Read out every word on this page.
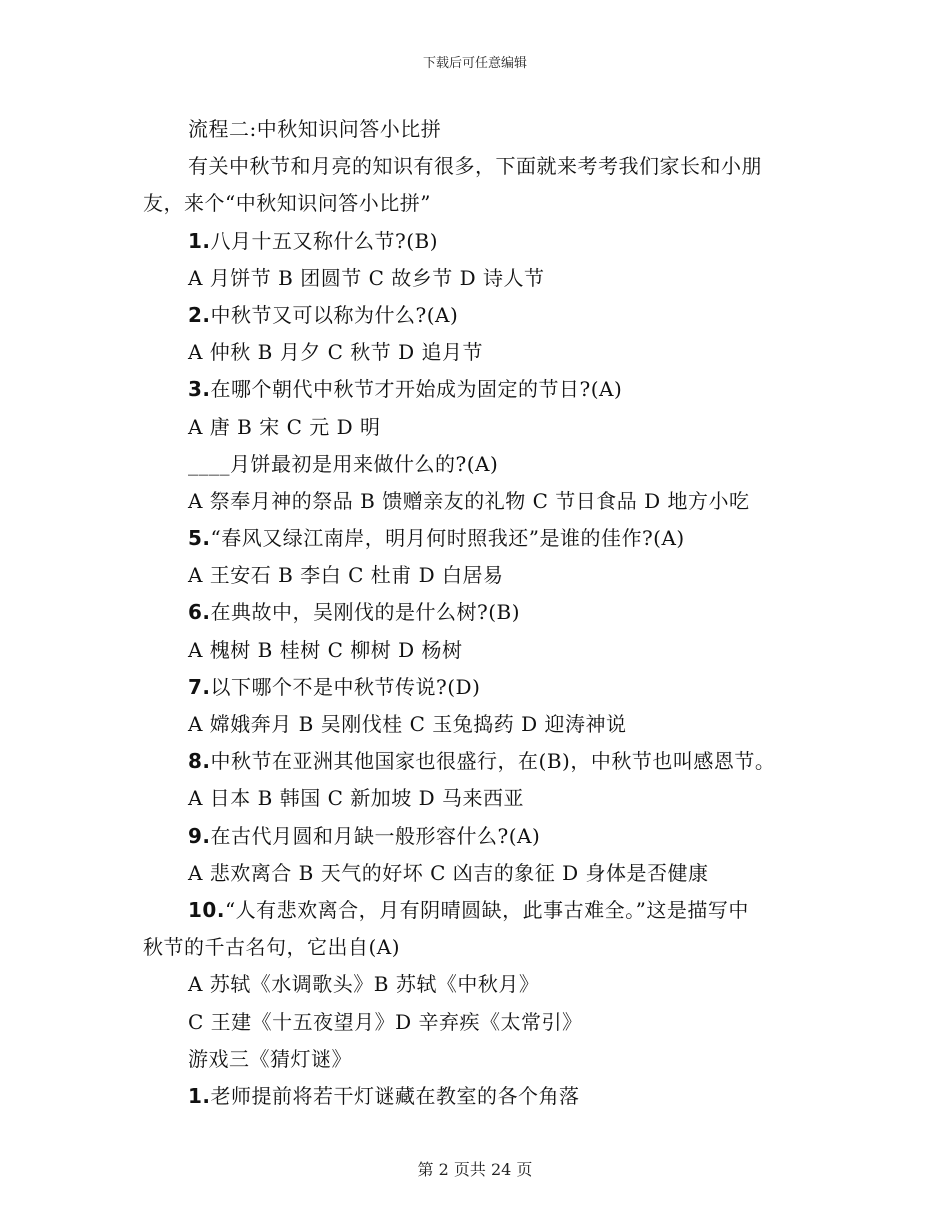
下载后可任意编辑
流程二:中秋知识问答小比拼
有关中秋节和月亮的知识有很多，下面就来考考我们家长和小朋
友，来个“中秋知识问答小比拼”
1.八月十五又称什么节?(B)
A 月饼节 B 团圆节 C 故乡节 D 诗人节
2.中秋节又可以称为什么?(A)
A 仲秋 B 月夕 C 秋节 D 追月节
3.在哪个朝代中秋节才开始成为固定的节日?(A)
A 唐 B 宋 C 元 D 明
____月饼最初是用来做什么的?(A)
A 祭奉月神的祭品 B 馈赠亲友的礼物 C 节日食品 D 地方小吃
5.“春风又绿江南岸，明月何时照我还”是谁的佳作?(A)
A 王安石 B 李白 C 杜甫 D 白居易
6.在典故中，吴刚伐的是什么树?(B)
A 槐树 B 桂树 C 柳树 D 杨树
7.以下哪个不是中秋节传说?(D)
A 嫦娥奔月 B 吴刚伐桂 C 玉兔捣药 D 迎涛神说
8.中秋节在亚洲其他国家也很盛行，在(B)，中秋节也叫感恩节。
A 日本 B 韩国 C 新加坡 D 马来西亚
9.在古代月圆和月缺一般形容什么?(A)
A 悲欢离合 B 天气的好坏 C 凶吉的象征 D 身体是否健康
10.“人有悲欢离合，月有阴晴圆缺，此事古难全。”这是描写中
秋节的千古名句，它出自(A)
A 苏轼《水调歌头》B 苏轼《中秋月》
C 王建《十五夜望月》D 辛弃疾《太常引》
游戏三《猜灯谜》
1.老师提前将若干灯谜藏在教室的各个角落
第 2 页共 24 页
